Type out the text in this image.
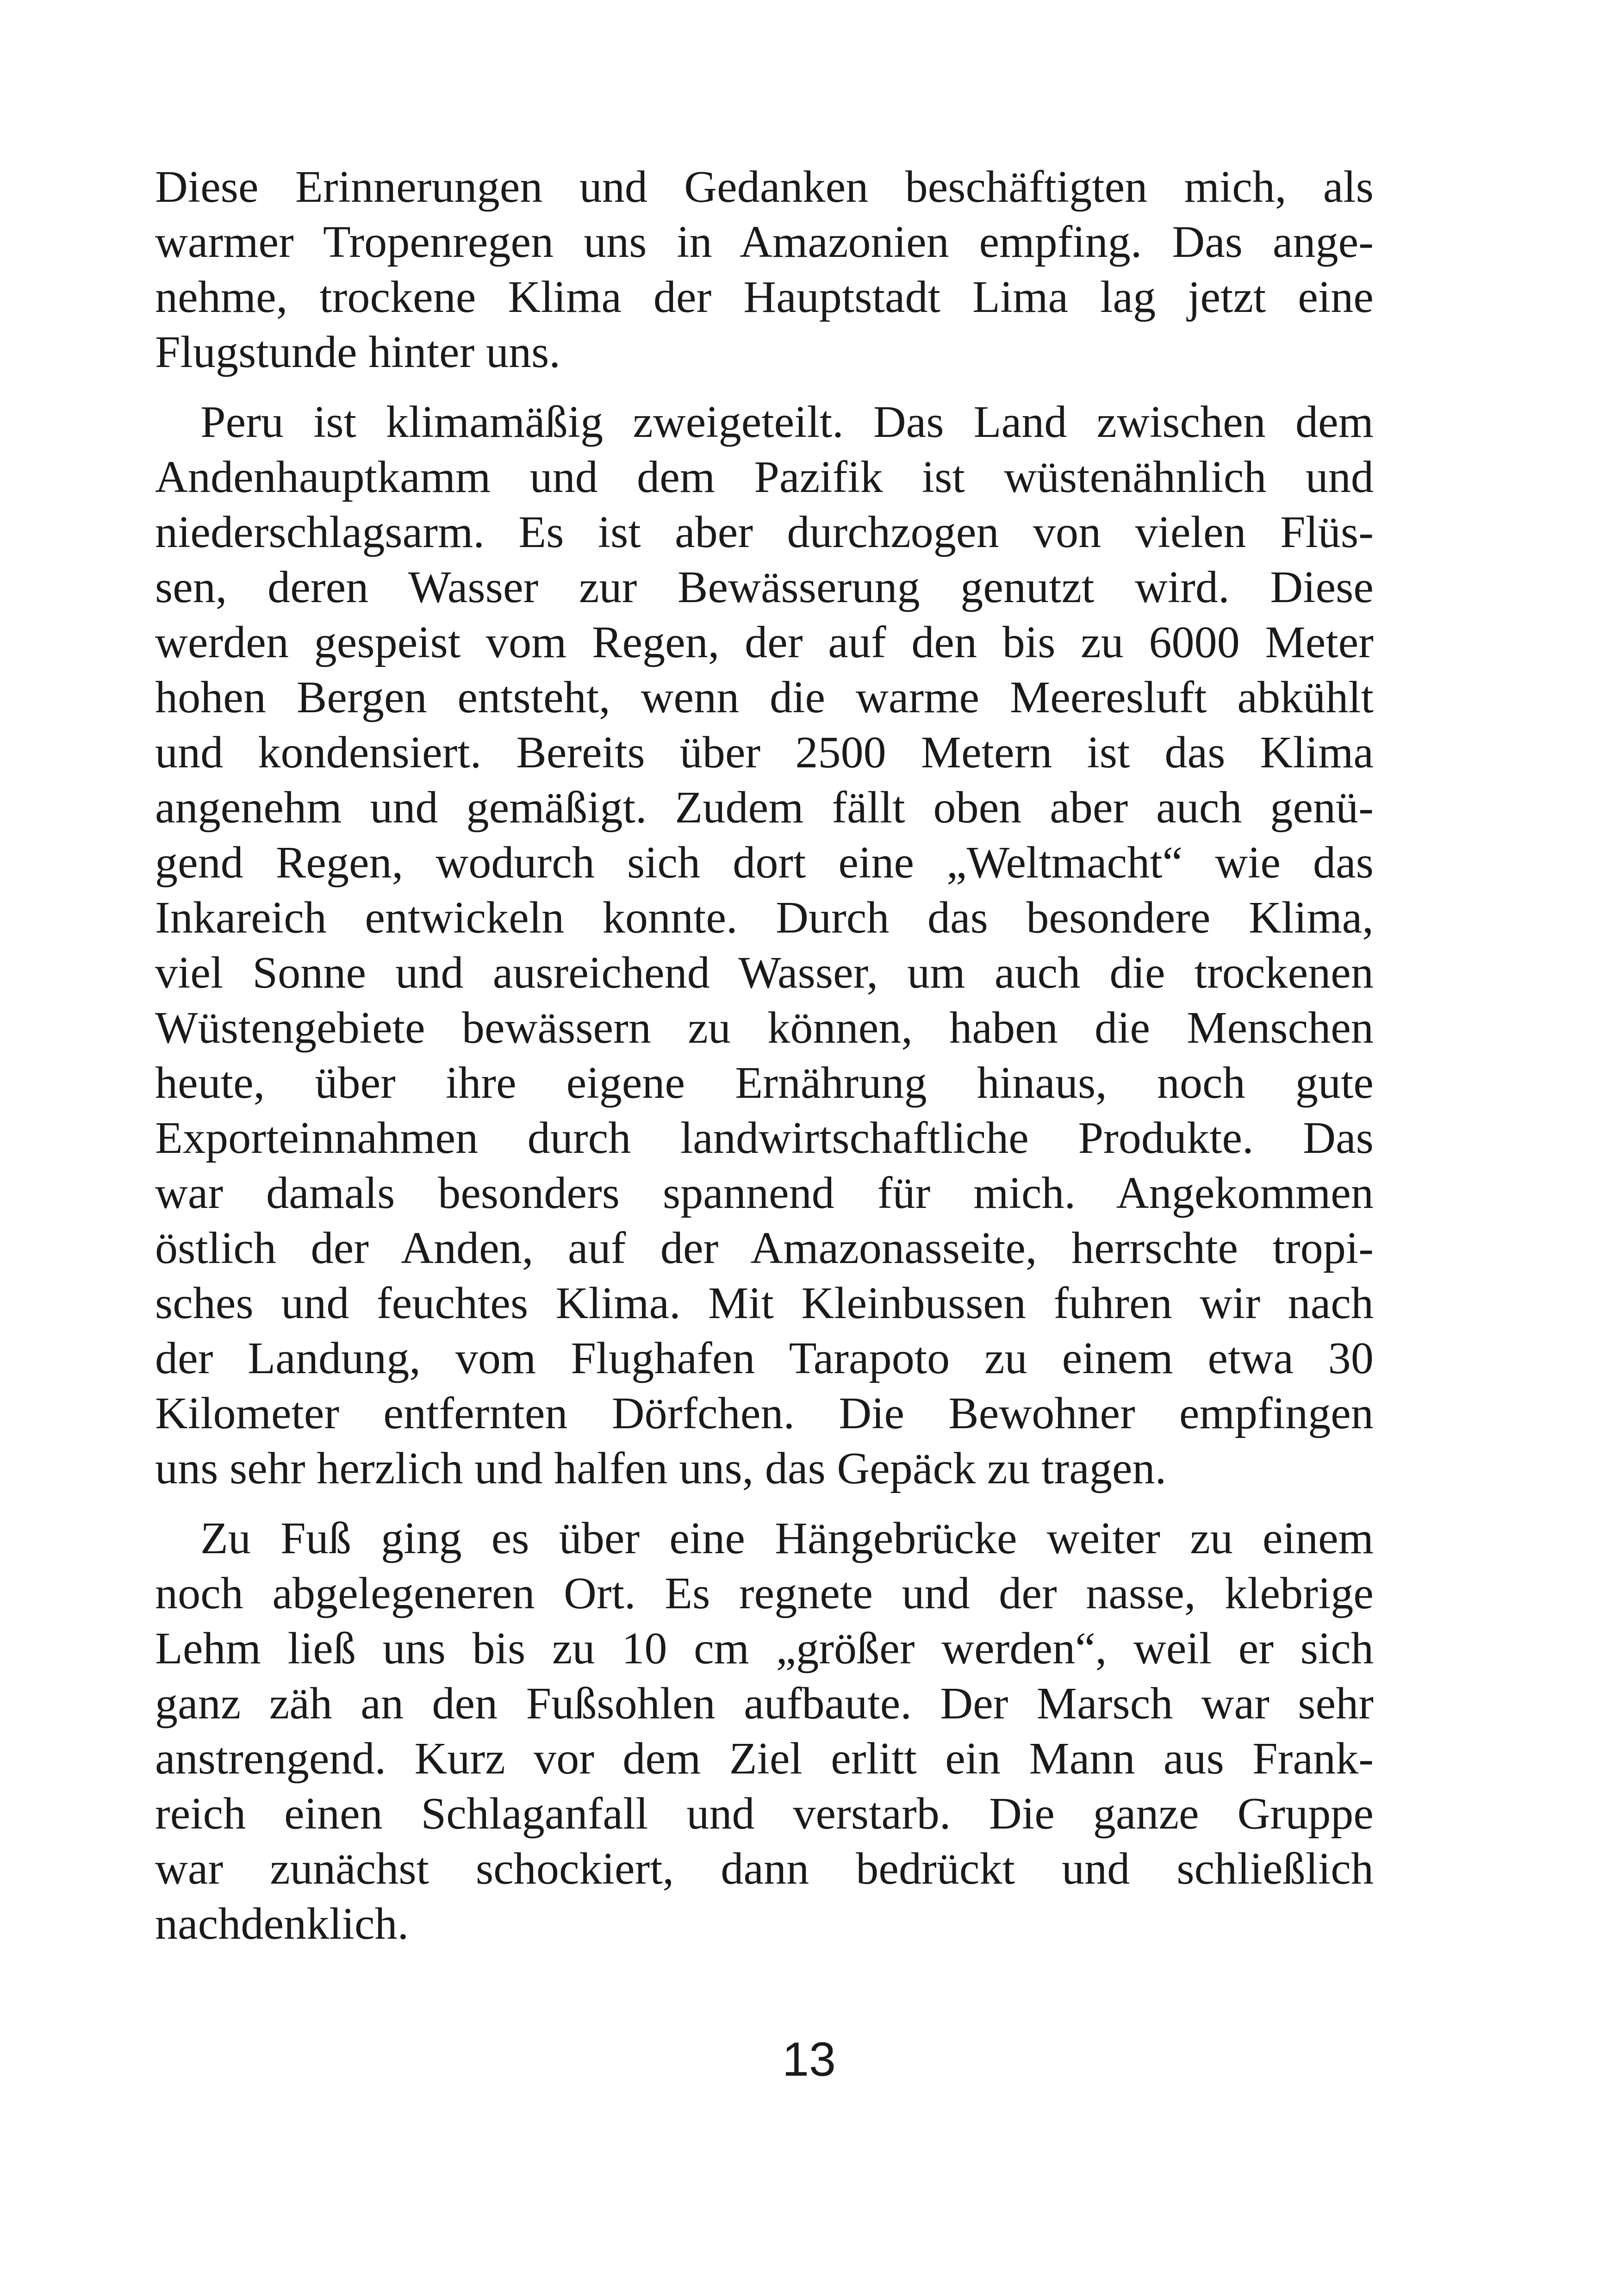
Diese Erinnerungen und Gedanken beschäftigten mich, als
warmer Tropenregen uns in Amazonien empfing. Das ange-
nehme, trockene Klima der Hauptstadt Lima lag jetzt eine
Flugstunde hinter uns.

Peru ist klimamäßig zweigeteilt. Das Land zwischen dem
Andenhauptkamm und dem Pazifik ist wüstenähnlich und
niederschlagsarm. Es ist aber durchzogen von vielen Flüs-
sen, deren Wasser zur Bewässerung genutzt wird. Diese
werden gespeist vom Regen, der auf den bis zu 6000 Meter
hohen Bergen entsteht, wenn die warme Meeresluft abkühlt
und kondensiert. Bereits über 2500 Metern ist das Klima
angenehm und gemäßigt. Zudem fällt oben aber auch genü-
gend Regen, wodurch sich dort eine „Weltmacht“ wie das
Inkareich entwickeln konnte. Durch das besondere Klima,
viel Sonne und ausreichend Wasser, um auch die trockenen
Wüstengebiete bewässern zu können, haben die Menschen
heute, über ihre eigene Ernährung hinaus, noch gute
Exporteinnahmen durch landwirtschaftliche Produkte. Das
war damals besonders spannend für mich. Angekommen
östlich der Anden, auf der Amazonasseite, herrschte tropi-
sches und feuchtes Klima. Mit Kleinbussen fuhren wir nach
der Landung, vom Flughafen Tarapoto zu einem etwa 30
Kilometer entfernten Dörfchen. Die Bewohner empfingen
uns sehr herzlich und halfen uns, das Gepäck zu tragen.

Zu Fuß ging es über eine Hängebrücke weiter zu einem
noch abgelegeneren Ort. Es regnete und der nasse, klebrige
Lehm ließ uns bis zu 10 cm „größer werden“, weil er sich
ganz zäh an den Fußsohlen aufbaute. Der Marsch war sehr
anstrengend. Kurz vor dem Ziel erlitt ein Mann aus Frank-
reich einen Schlaganfall und verstarb. Die ganze Gruppe
war zunächst schockiert, dann bedrückt und schließlich
nachdenklich.

13
